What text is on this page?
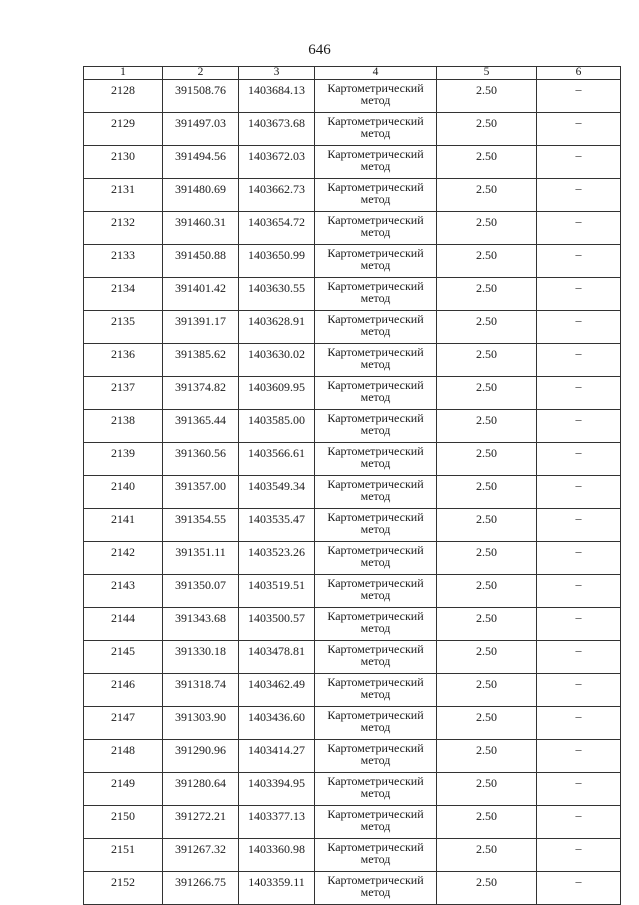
646
1	2	3	4	5	6
2128	391508.76	1403684.13	Картометрический метод	2.50	–
2129	391497.03	1403673.68	Картометрический метод	2.50	–
2130	391494.56	1403672.03	Картометрический метод	2.50	–
2131	391480.69	1403662.73	Картометрический метод	2.50	–
2132	391460.31	1403654.72	Картометрический метод	2.50	–
2133	391450.88	1403650.99	Картометрический метод	2.50	–
2134	391401.42	1403630.55	Картометрический метод	2.50	–
2135	391391.17	1403628.91	Картометрический метод	2.50	–
2136	391385.62	1403630.02	Картометрический метод	2.50	–
2137	391374.82	1403609.95	Картометрический метод	2.50	–
2138	391365.44	1403585.00	Картометрический метод	2.50	–
2139	391360.56	1403566.61	Картометрический метод	2.50	–
2140	391357.00	1403549.34	Картометрический метод	2.50	–
2141	391354.55	1403535.47	Картометрический метод	2.50	–
2142	391351.11	1403523.26	Картометрический метод	2.50	–
2143	391350.07	1403519.51	Картометрический метод	2.50	–
2144	391343.68	1403500.57	Картометрический метод	2.50	–
2145	391330.18	1403478.81	Картометрический метод	2.50	–
2146	391318.74	1403462.49	Картометрический метод	2.50	–
2147	391303.90	1403436.60	Картометрический метод	2.50	–
2148	391290.96	1403414.27	Картометрический метод	2.50	–
2149	391280.64	1403394.95	Картометрический метод	2.50	–
2150	391272.21	1403377.13	Картометрический метод	2.50	–
2151	391267.32	1403360.98	Картометрический метод	2.50	–
2152	391266.75	1403359.11	Картометрический метод	2.50	–
